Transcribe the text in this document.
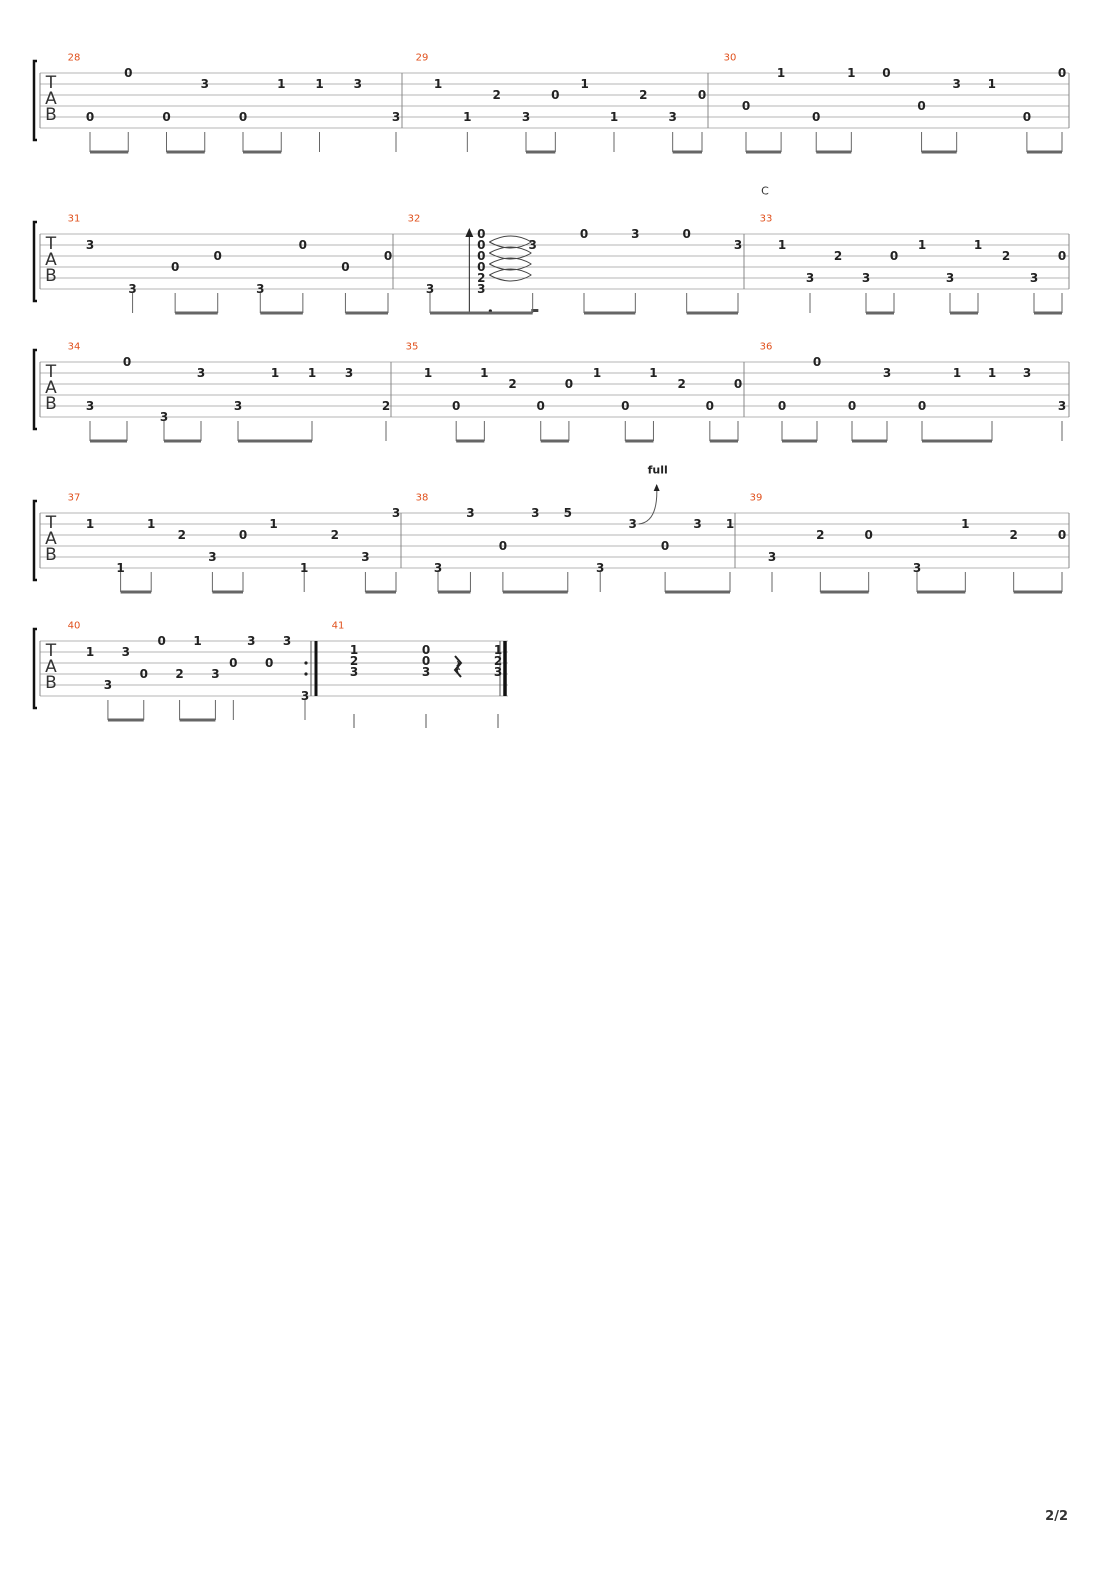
T
A
B
28
0
0
0
3
0
1 1 3
3
29
1
1
2
3
0
1
1
2
3
0
30
0
1
0
1 0
0
3 1
0
0
T
A
B
31
3
3
0
0
3
0
0
0
32
3
0
0
0
0
2
3
3
0	3	0
3
33
1
3
2
3
0
1
3
1
2
3
0
C
T
A
B
34
3
0
3
3
3
1 1 3
2
35
1
0
1
2
0
0
1
0
1
2
0
0
36
0
0
0
3
0
1 1 3
3
T
A
B
37
1
1
1
2
3
0
1
1
2
3
3
38
3
3
0
3 5
3
3
full
0
3 1
39
3
2	0
3
1
2	0
T
A
B
40
1
3
3
0
0
2
1
3
0
3
0
3
3
41
1
2
3
0
0
3
1
2
3
𝄽
2/2
